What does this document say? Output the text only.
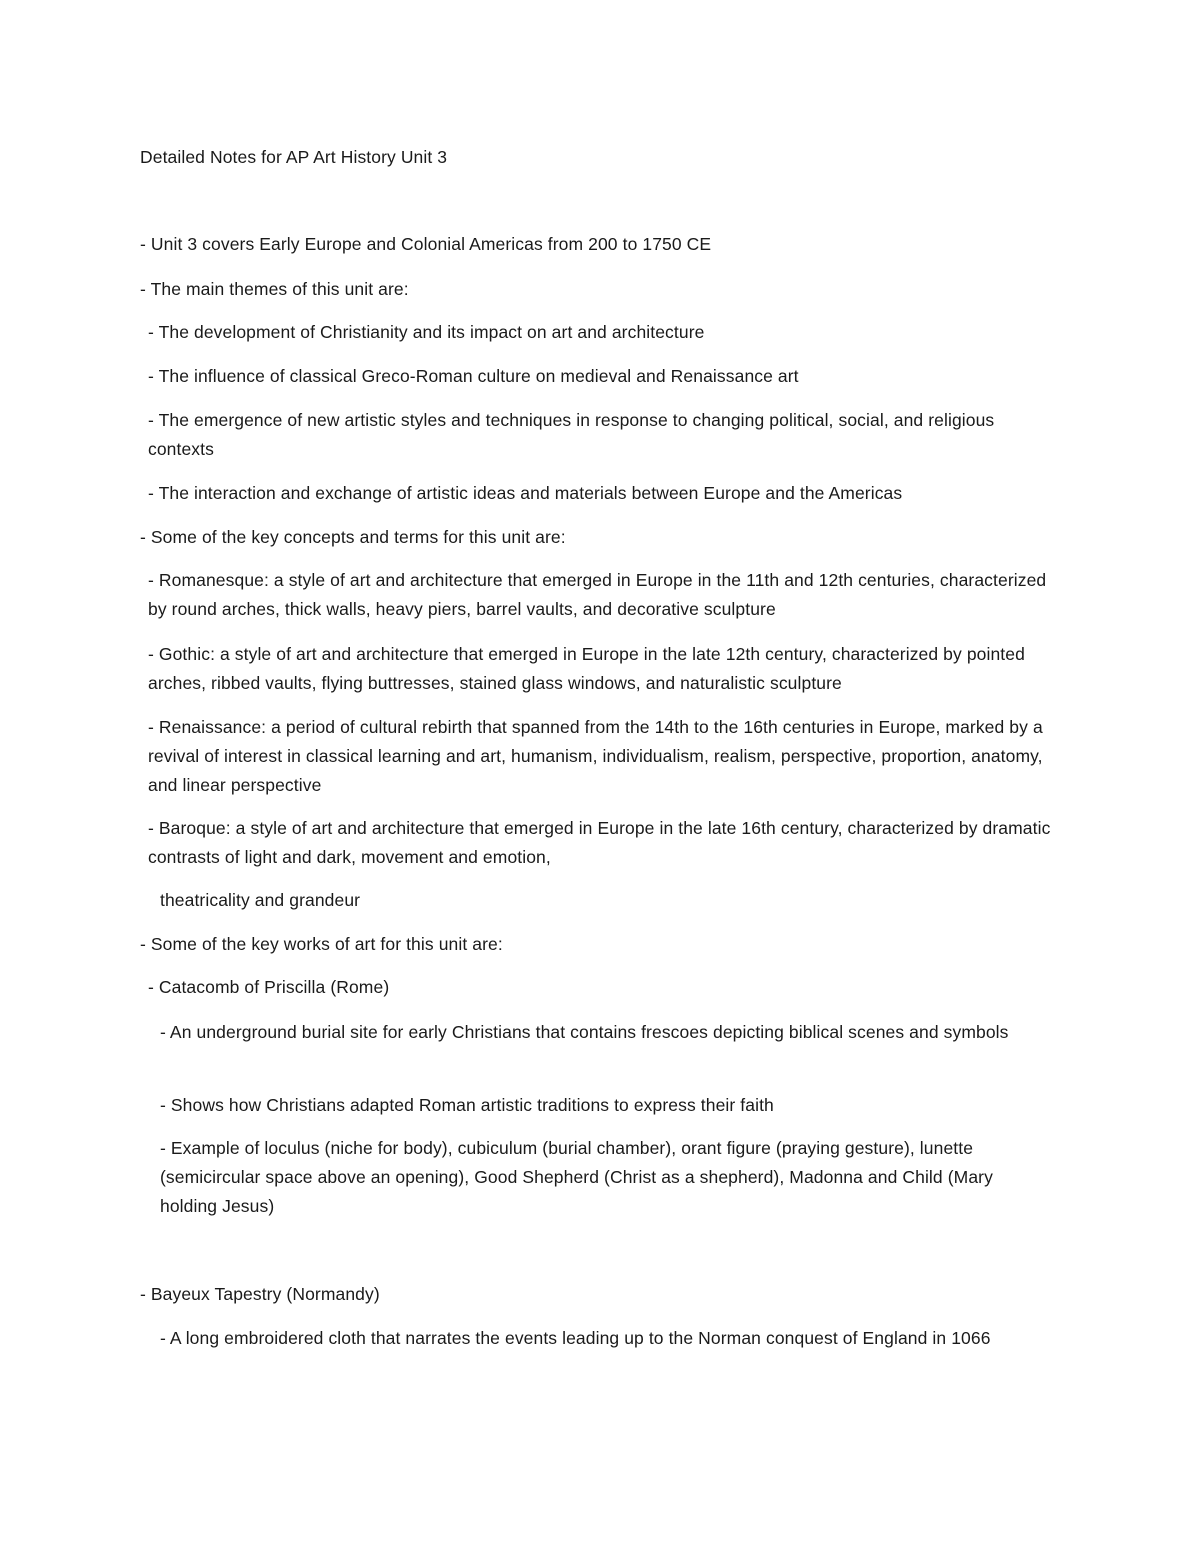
Detailed Notes for AP Art History Unit 3
- Unit 3 covers Early Europe and Colonial Americas from 200 to 1750 CE
- The main themes of this unit are:
- The development of Christianity and its impact on art and architecture
- The influence of classical Greco-Roman culture on medieval and Renaissance art
- The emergence of new artistic styles and techniques in response to changing political, social, and religious contexts
- The interaction and exchange of artistic ideas and materials between Europe and the Americas
- Some of the key concepts and terms for this unit are:
- Romanesque: a style of art and architecture that emerged in Europe in the 11th and 12th centuries, characterized by round arches, thick walls, heavy piers, barrel vaults, and decorative sculpture
- Gothic: a style of art and architecture that emerged in Europe in the late 12th century, characterized by pointed arches, ribbed vaults, flying buttresses, stained glass windows, and naturalistic sculpture
- Renaissance: a period of cultural rebirth that spanned from the 14th to the 16th centuries in Europe, marked by a revival of interest in classical learning and art, humanism, individualism, realism, perspective, proportion, anatomy, and linear perspective
- Baroque: a style of art and architecture that emerged in Europe in the late 16th century, characterized by dramatic contrasts of light and dark, movement and emotion,
theatricality and grandeur
- Some of the key works of art for this unit are:
- Catacomb of Priscilla (Rome)
- An underground burial site for early Christians that contains frescoes depicting biblical scenes and symbols
- Shows how Christians adapted Roman artistic traditions to express their faith
- Example of loculus (niche for body), cubiculum (burial chamber), orant figure (praying gesture), lunette (semicircular space above an opening), Good Shepherd (Christ as a shepherd), Madonna and Child (Mary holding Jesus)
- Bayeux Tapestry (Normandy)
- A long embroidered cloth that narrates the events leading up to the Norman conquest of England in 1066
